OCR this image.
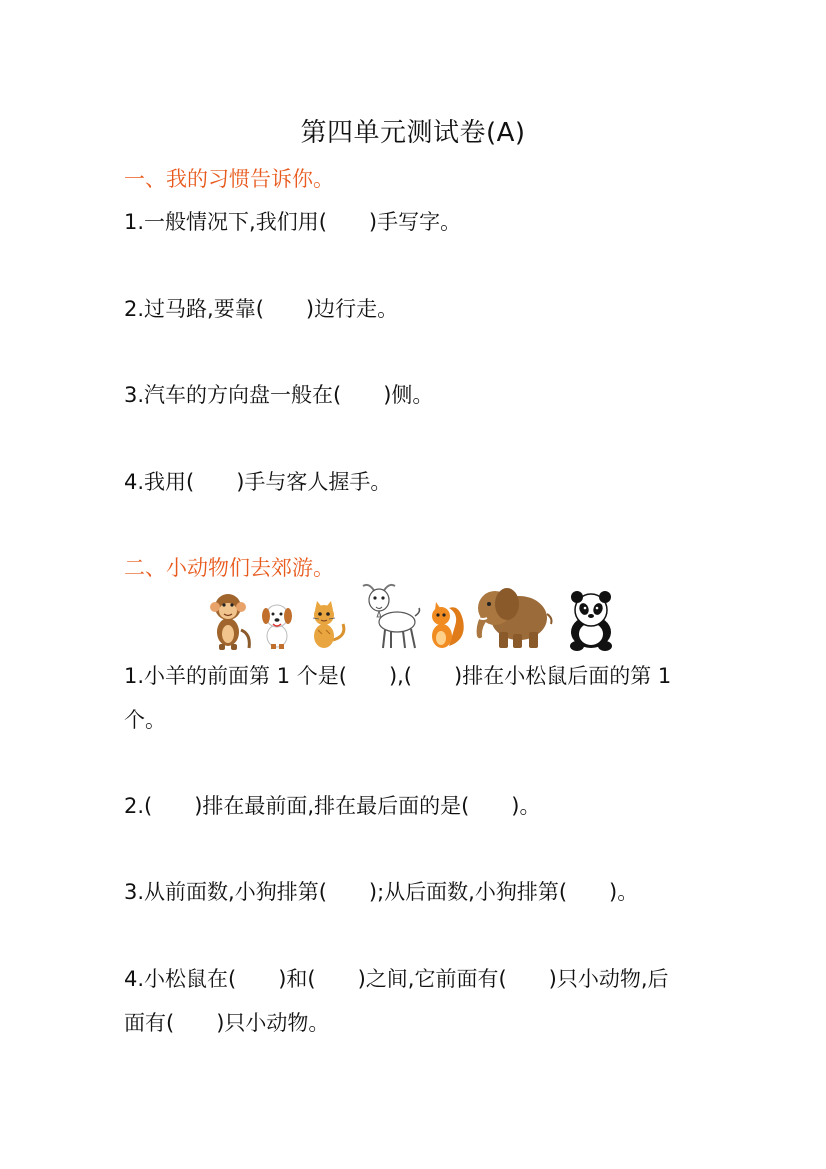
第四单元测试卷(A)
一、我的习惯告诉你。
1.一般情况下,我们用(　　)手写字。
2.过马路,要靠(　　)边行走。
3.汽车的方向盘一般在(　　)侧。
4.我用(　　)手与客人握手。
二、小动物们去郊游。
1.小羊的前面第 1 个是(　　),(　　)排在小松鼠后面的第 1
个。
2.(　　)排在最前面,排在最后面的是(　　)。
3.从前面数,小狗排第(　　);从后面数,小狗排第(　　)。
4.小松鼠在(　　)和(　　)之间,它前面有(　　)只小动物,后
面有(　　)只小动物。
